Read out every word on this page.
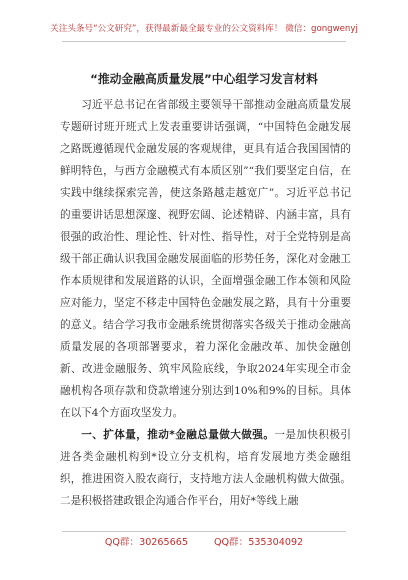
关注头条号“公文研究”，获得最新最全最专业的公文资料库！ 微信：gongwenyj
“推动金融高质量发展”中心组学习发言材料

习近平总书记在省部级主要领导干部推动金融高质量发展专题研讨班开班式上发表重要讲话强调，“中国特色金融发展之路既遵循现代金融发展的客观规律，更具有适合我国国情的鲜明特色，与西方金融模式有本质区别”“我们要坚定自信，在实践中继续探索完善，使这条路越走越宽广”。习近平总书记的重要讲话思想深邃、视野宏阔、论述精辟、内涵丰富，具有很强的政治性、理论性、针对性、指导性，对于全党特别是高级干部正确认识我国金融发展面临的形势任务，深化对金融工作本质规律和发展道路的认识，全面增强金融工作本领和风险应对能力，坚定不移走中国特色金融发展之路，具有十分重要的意义。结合学习我市金融系统贯彻落实各级关于推动金融高质量发展的各项部署要求，着力深化金融改革、加快金融创新、改进金融服务、筑牢风险底线，争取2024年实现全市金融机构各项存款和贷款增速分别达到10%和9%的目标。具体在以下4个方面攻坚发力。

一、扩体量，推动*金融总量做大做强。一是加快积极引进各类金融机构到*设立分支机构，培育发展地方类金融组织，推进困资入股农商行，支持地方法人金融机构做大做强。二是积极搭建政银企沟通合作平台，用好*等线上融

QQ群：30265665	QQ群：535304092
